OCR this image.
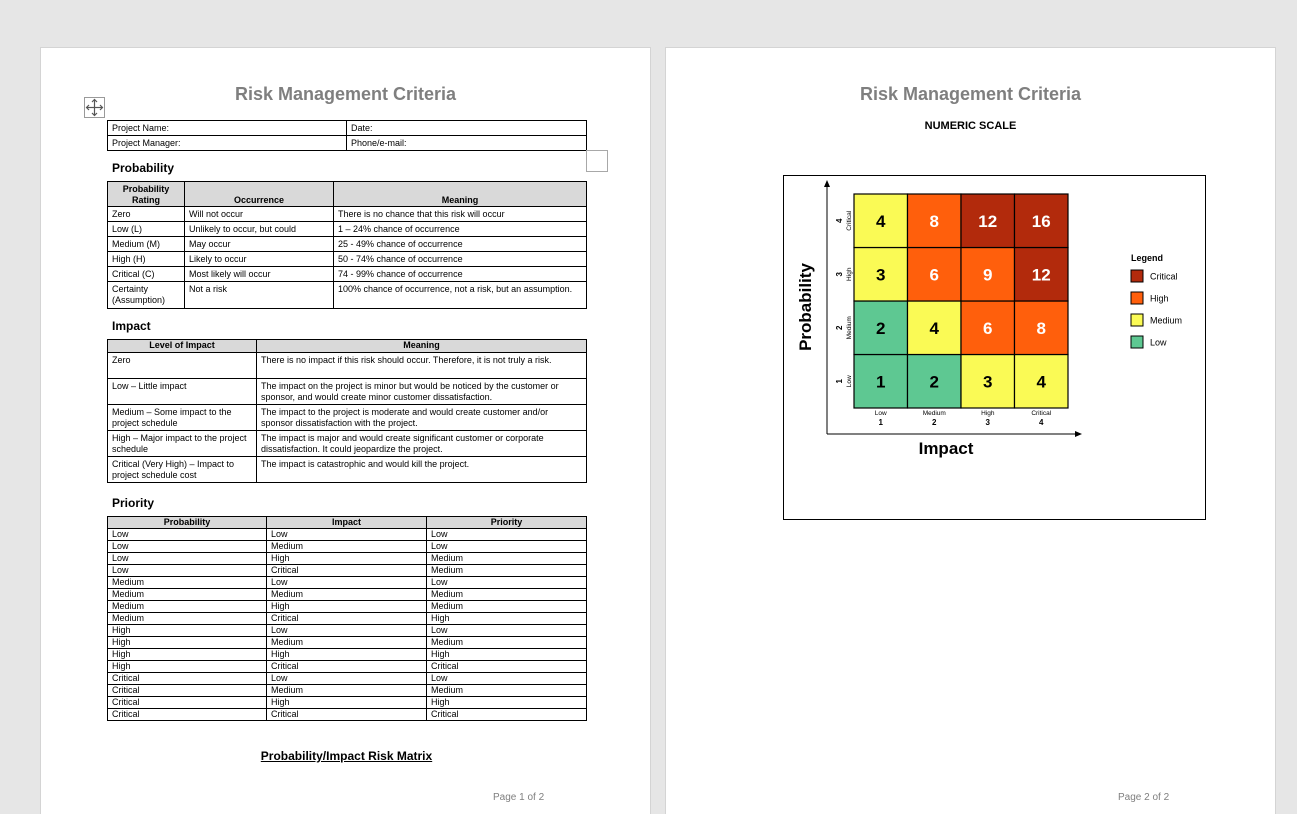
Risk Management Criteria
Project Name:	Date:
Project Manager:	Phone/e-mail:
Probability
Probability Rating	Occurrence	Meaning
Zero	Will not occur	There is no chance that this risk will occur
Low (L)	Unlikely to occur, but could	1 – 24% chance of occurrence
Medium (M)	May occur	25 - 49% chance of occurrence
High (H)	Likely to occur	50 - 74% chance of occurrence
Critical (C)	Most likely will occur	74 - 99% chance of occurrence
Certainty (Assumption)	Not a risk	100% chance of occurrence, not a risk, but an assumption.
Impact
Level of Impact	Meaning
Zero	There is no impact if this risk should occur. Therefore, it is not truly a risk.
Low – Little impact	The impact on the project is minor but would be noticed by the customer or sponsor, and would create minor customer dissatisfaction.
Medium – Some impact to the project schedule	The impact to the project is moderate and would create customer and/or sponsor dissatisfaction with the project.
High – Major impact to the project schedule	The impact is major and would create significant customer or corporate dissatisfaction. It could jeopardize the project.
Critical (Very High) – Impact to project schedule cost	The impact is catastrophic and would kill the project.
Priority
Probability	Impact	Priority
Low	Low	Low
Low	Medium	Low
Low	High	Medium
Low	Critical	Medium
Medium	Low	Low
Medium	Medium	Medium
Medium	High	Medium
Medium	Critical	High
High	Low	Low
High	Medium	Medium
High	High	High
High	Critical	Critical
Critical	Low	Low
Critical	Medium	Medium
Critical	High	High
Critical	Critical	Critical
Probability/Impact Risk Matrix
Page 1 of 2
Risk Management Criteria
NUMERIC SCALE
1	2	3	4
2	4	6	8
3	6	9 12
4	8 12 16
Low
1
Medium
2
High
3
Critical
4
Low
1
Medium
2
High
3
Critical
4
Impact
Probability
Legend
Critical
High
Medium
Low
Page 2 of 2
